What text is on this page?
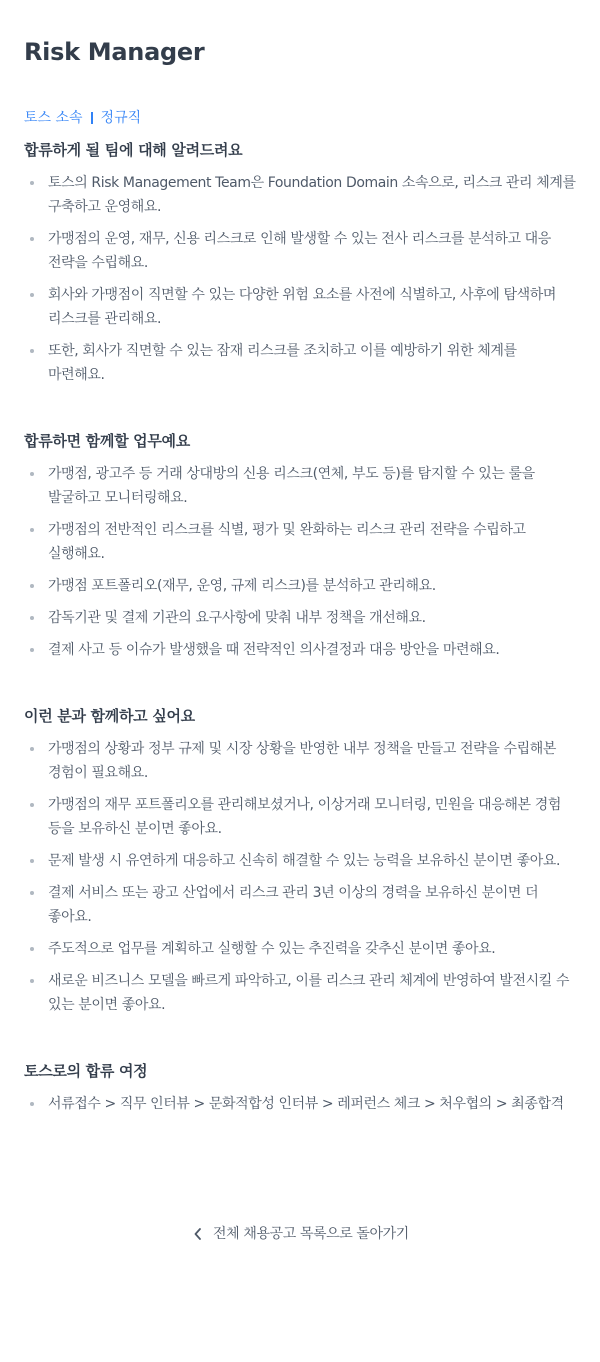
Risk Manager
토스 소속 정규직
합류하게 될 팀에 대해 알려드려요
토스의 Risk Management Team은 Foundation Domain 소속으로, 리스크 관리 체계를 구축하고 운영해요.
가맹점의 운영, 재무, 신용 리스크로 인해 발생할 수 있는 전사 리스크를 분석하고 대응 전략을 수립해요.
회사와 가맹점이 직면할 수 있는 다양한 위험 요소를 사전에 식별하고, 사후에 탐색하며 리스크를 관리해요.
또한, 회사가 직면할 수 있는 잠재 리스크를 조치하고 이를 예방하기 위한 체계를 마련해요.
합류하면 함께할 업무예요
가맹점, 광고주 등 거래 상대방의 신용 리스크(연체, 부도 등)를 탐지할 수 있는 룰을 발굴하고 모니터링해요.
가맹점의 전반적인 리스크를 식별, 평가 및 완화하는 리스크 관리 전략을 수립하고 실행해요.
가맹점 포트폴리오(재무, 운영, 규제 리스크)를 분석하고 관리해요.
감독기관 및 결제 기관의 요구사항에 맞춰 내부 정책을 개선해요.
결제 사고 등 이슈가 발생했을 때 전략적인 의사결정과 대응 방안을 마련해요.
이런 분과 함께하고 싶어요
가맹점의 상황과 정부 규제 및 시장 상황을 반영한 내부 정책을 만들고 전략을 수립해본 경험이 필요해요.
가맹점의 재무 포트폴리오를 관리해보셨거나, 이상거래 모니터링, 민원을 대응해본 경험 등을 보유하신 분이면 좋아요.
문제 발생 시 유연하게 대응하고 신속히 해결할 수 있는 능력을 보유하신 분이면 좋아요.
결제 서비스 또는 광고 산업에서 리스크 관리 3년 이상의 경력을 보유하신 분이면 더 좋아요.
주도적으로 업무를 계획하고 실행할 수 있는 추진력을 갖추신 분이면 좋아요.
새로운 비즈니스 모델을 빠르게 파악하고, 이를 리스크 관리 체계에 반영하여 발전시킬 수 있는 분이면 좋아요.
토스로의 합류 여정
서류접수 > 직무 인터뷰 > 문화적합성 인터뷰 > 레퍼런스 체크 > 처우협의 > 최종합격
전체 채용공고 목록으로 돌아가기
